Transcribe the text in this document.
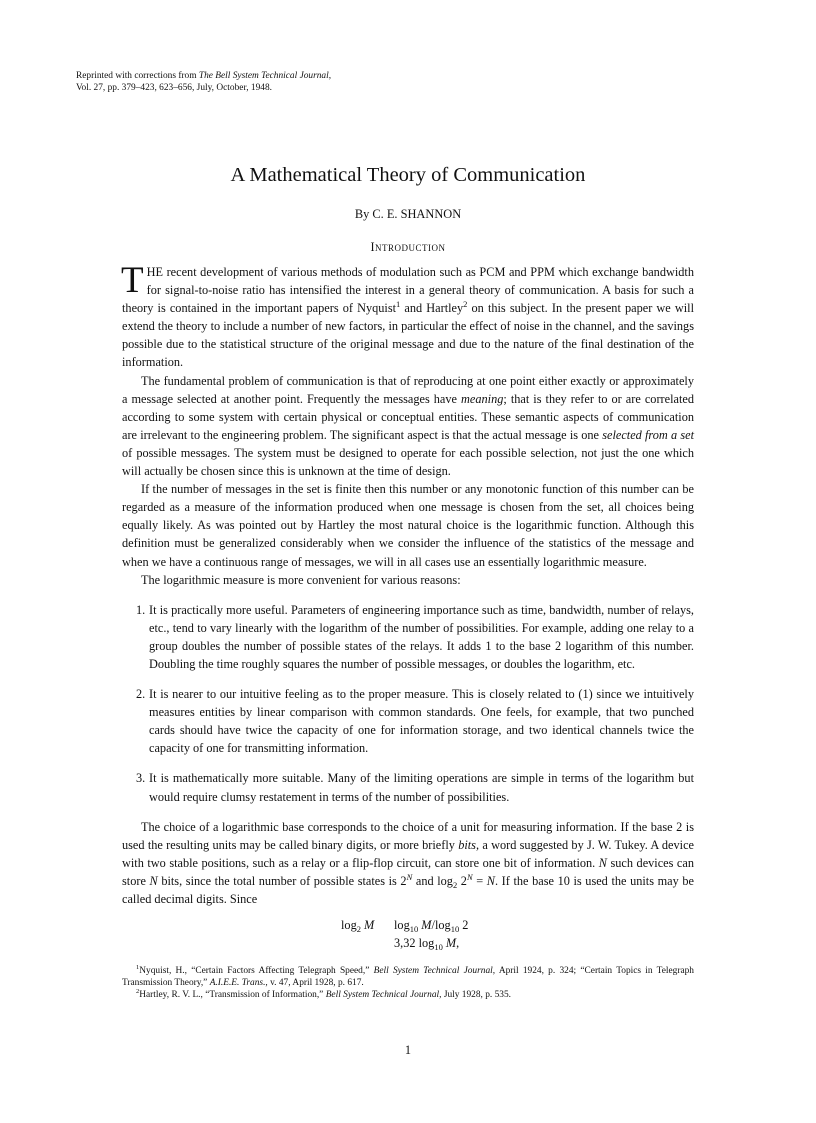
Reprinted with corrections from The Bell System Technical Journal,
Vol. 27, pp. 379–423, 623–656, July, October, 1948.
A Mathematical Theory of Communication
By C. E. SHANNON
Introduction

THE recent development of various methods of modulation such as PCM and PPM which exchange bandwidth for signal-to-noise ratio has intensified the interest in a general theory of communication. A basis for such a theory is contained in the important papers of Nyquist$^1$ and Hartley$^2$ on this subject. In the present paper we will extend the theory to include a number of new factors, in particular the effect of noise in the channel, and the savings possible due to the statistical structure of the original message and due to the nature of the final destination of the information.

The fundamental problem of communication is that of reproducing at one point either exactly or approximately a message selected at another point. Frequently the messages have meaning; that is they refer to or are correlated according to some system with certain physical or conceptual entities. These semantic aspects of communication are irrelevant to the engineering problem. The significant aspect is that the actual message is one selected from a set of possible messages. The system must be designed to operate for each possible selection, not just the one which will actually be chosen since this is unknown at the time of design.

If the number of messages in the set is finite then this number or any monotonic function of this number can be regarded as a measure of the information produced when one message is chosen from the set, all choices being equally likely. As was pointed out by Hartley the most natural choice is the logarithmic function. Although this definition must be generalized considerably when we consider the influence of the statistics of the message and when we have a continuous range of messages, we will in all cases use an essentially logarithmic measure.

The logarithmic measure is more convenient for various reasons:

1. It is practically more useful. Parameters of engineering importance such as time, bandwidth, number of relays, etc., tend to vary linearly with the logarithm of the number of possibilities. For example, adding one relay to a group doubles the number of possible states of the relays. It adds 1 to the base 2 logarithm of this number. Doubling the time roughly squares the number of possible messages, or doubles the logarithm, etc.
2. It is nearer to our intuitive feeling as to the proper measure. This is closely related to (1) since we intuitively measures entities by linear comparison with common standards. One feels, for example, that two punched cards should have twice the capacity of one for information storage, and two identical channels twice the capacity of one for transmitting information.
3. It is mathematically more suitable. Many of the limiting operations are simple in terms of the logarithm but would require clumsy restatement in terms of the number of possibilities.

The choice of a logarithmic base corresponds to the choice of a unit for measuring information. If the base 2 is used the resulting units may be called binary digits, or more briefly bits, a word suggested by J. W. Tukey. A device with two stable positions, such as a relay or a flip-flop circuit, can store one bit of information. N such devices can store N bits, since the total number of possible states is $2^N$ and $\log_2 2^N = N$. If the base 10 is used the units may be called decimal digits. Since

$\log_2 M$	$\log_{10} M/\log_{10}$ 2
3,32 $\log_{10} M$,

$^1$Nyquist, H., “Certain Factors Affecting Telegraph Speed,” Bell System Technical Journal, April 1924, p. 324; “Certain Topics in Telegraph Transmission Theory,” A.I.E.E. Trans., v. 47, April 1928, p. 617.

$^2$Hartley, R. V. L., “Transmission of Information,” Bell System Technical Journal, July 1928, p. 535.

1
